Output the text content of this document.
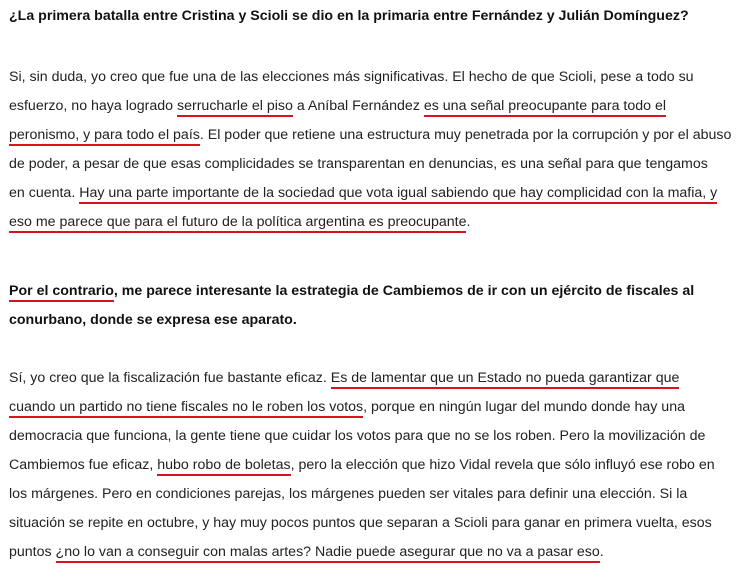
¿La primera batalla entre Cristina y Scioli se dio en la primaria entre Fernández y Julián Domínguez?
Si, sin duda, yo creo que fue una de las elecciones más significativas. El hecho de que Scioli, pese a todo su
esfuerzo, no haya logrado serrucharle el piso a Aníbal Fernández es una señal preocupante para todo el
peronismo, y para todo el país. El poder que retiene una estructura muy penetrada por la corrupción y por el abuso
de poder, a pesar de que esas complicidades se transparentan en denuncias, es una señal para que tengamos
en cuenta. Hay una parte importante de la sociedad que vota igual sabiendo que hay complicidad con la mafia, y
eso me parece que para el futuro de la política argentina es preocupante.
Por el contrario, me parece interesante la estrategia de Cambiemos de ir con un ejército de fiscales al
conurbano, donde se expresa ese aparato.
Sí, yo creo que la fiscalización fue bastante eficaz. Es de lamentar que un Estado no pueda garantizar que
cuando un partido no tiene fiscales no le roben los votos, porque en ningún lugar del mundo donde hay una
democracia que funciona, la gente tiene que cuidar los votos para que no se los roben. Pero la movilización de
Cambiemos fue eficaz, hubo robo de boletas, pero la elección que hizo Vidal revela que sólo influyó ese robo en
los márgenes. Pero en condiciones parejas, los márgenes pueden ser vitales para definir una elección. Si la
situación se repite en octubre, y hay muy pocos puntos que separan a Scioli para ganar en primera vuelta, esos
puntos ¿no lo van a conseguir con malas artes? Nadie puede asegurar que no va a pasar eso.
